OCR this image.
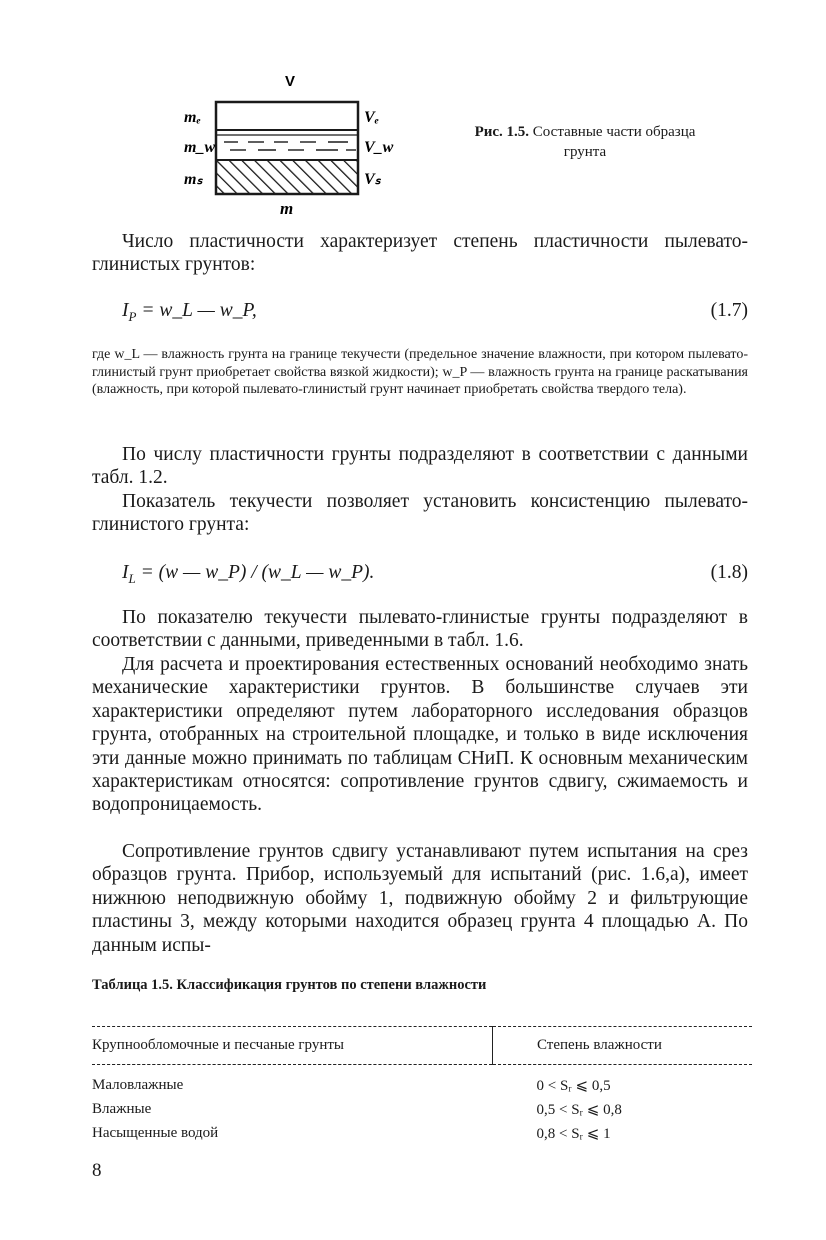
V
mₑ
m_w
mₛ
Vₑ
V_w
Vₛ
m
Рис. 1.5. Составные части образца грунта

Число пластичности характеризует степень пластичности пылевато-глинистых грунтов:

$I_P$ = w_L — w_P,	(1.7)

где w_L — влажность грунта на границе текучести (предельное значение влажности, при котором пылевато-глинистый грунт приобретает свойства вязкой жидкости); w_P — влажность грунта на границе раскатывания (влажность, при которой пылевато-глинистый грунт начинает приобретать свойства твердого тела).

По числу пластичности грунты подразделяют в соответствии с данными табл. 1.2.

Показатель текучести позволяет установить консистенцию пылевато-глинистого грунта:

$I_L = (w$ — w_P) / (w_L — w_P).	(1.8)

По показателю текучести пылевато-глинистые грунты подразделяют в соответствии с данными, приведенными в табл. 1.6.

Для расчета и проектирования естественных оснований необходимо знать механические характеристики грунтов. В большинстве случаев эти характеристики определяют путем лабораторного исследования образцов грунта, отобранных на строительной площадке, и только в виде исключения эти данные можно принимать по таблицам СНиП. К основным механическим характеристикам относятся: сопротивление грунтов сдвигу, сжимаемость и водопроницаемость.

Сопротивление грунтов сдвигу устанавливают путем испытания на срез образцов грунта. Прибор, используемый для испытаний (рис. 1.6,а), имеет нижнюю неподвижную обойму 1, подвижную обойму 2 и фильтрующие пластины 3, между которыми находится образец грунта 4 площадью A. По данным испы-

Таблица 1.5. Классификация грунтов по степени влажности
Крупнообломочные и песчаные грунты	Степень влажности
Маловлажные	0 < Sᵣ ⩽ 0,5
Влажные	0,5 < Sᵣ ⩽ 0,8
Насыщенные водой	0,8 < Sᵣ ⩽ 1
8
